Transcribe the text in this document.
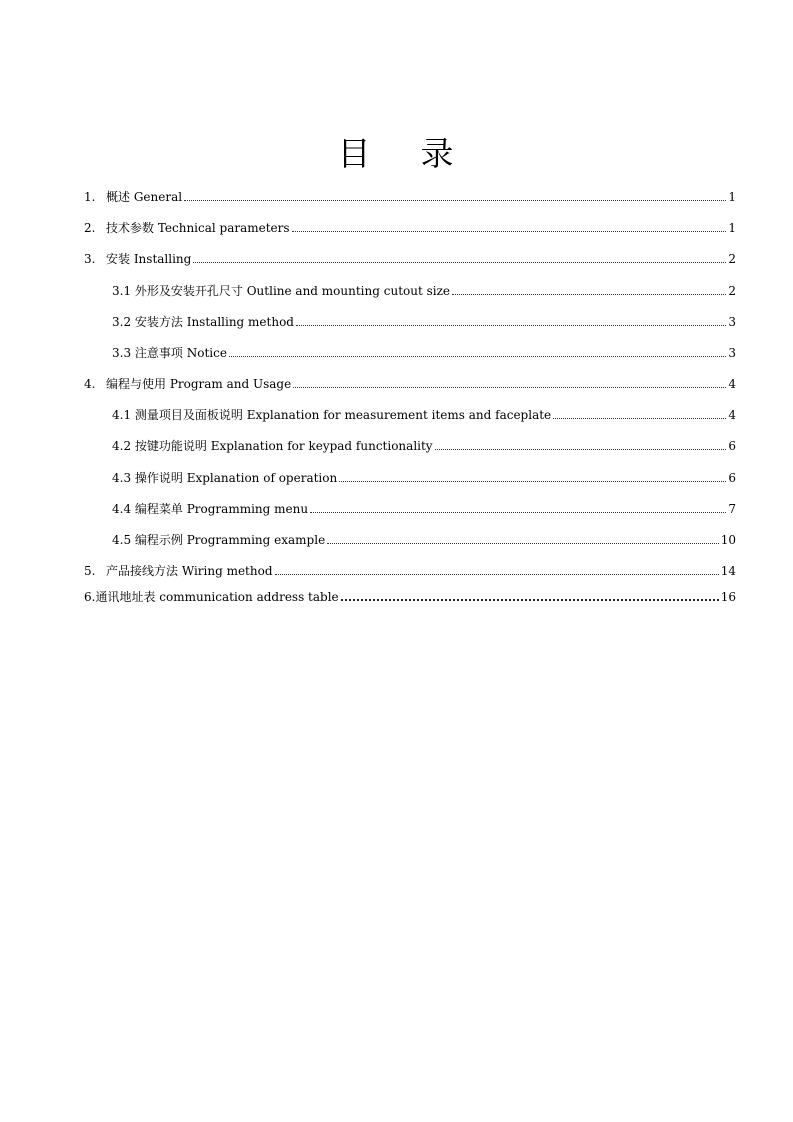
目 录
1. 概述 General	1
2. 技术参数 Technical parameters	1
3. 安装 Installing	2
3.1 外形及安装开孔尺寸 Outline and mounting cutout size	2
3.2 安装方法 Installing method	3
3.3 注意事项 Notice	3
4. 编程与使用 Program and Usage	4
4.1 测量项目及面板说明 Explanation for measurement items and faceplate	4
4.2 按键功能说明 Explanation for keypad functionality	6
4.3 操作说明 Explanation of operation	6
4.4 编程菜单 Programming menu	7
4.5 编程示例 Programming example	10
5. 产品接线方法 Wiring method	14
6.通讯地址表 communication address table	16
